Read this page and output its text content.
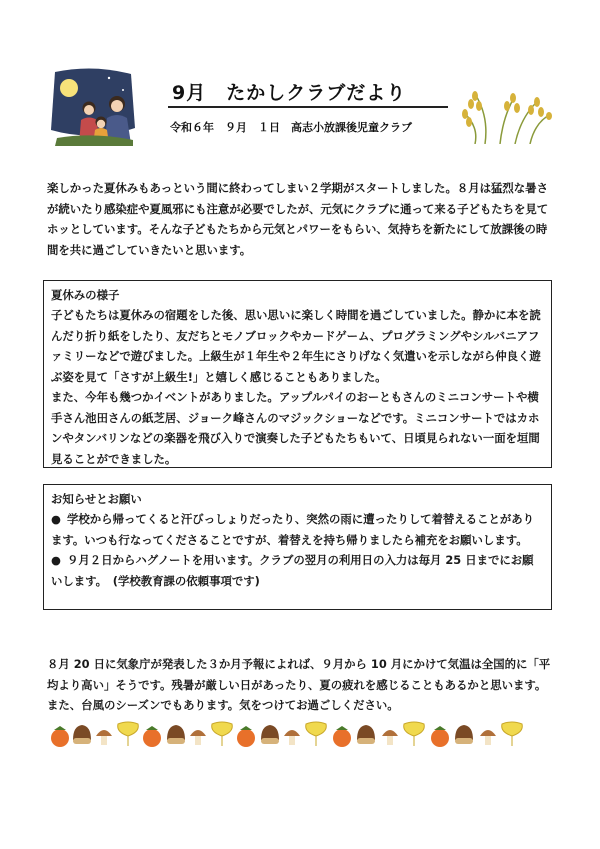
9月　たかしクラブだより
令和６年　９月　１日　高志小放課後児童クラブ
楽しかった夏休みもあっという間に終わってしまい２学期がスタートしました。８月は猛烈な暑さが続いたり感染症や夏風邪にも注意が必要でしたが、元気にクラブに通って来る子どもたちを見てホッとしています。そんな子どもたちから元気とパワーをもらい、気持ちを新たにして放課後の時間を共に過ごしていきたいと思います。
夏休みの様子
子どもたちは夏休みの宿題をした後、思い思いに楽しく時間を過ごしていました。静かに本を読んだり折り紙をしたり、友だちとモノブロックやカードゲーム、プログラミングやシルバニアファミリーなどで遊びました。上級生が１年生や２年生にさりげなく気遣いを示しながら仲良く遊ぶ姿を見て「さすが上級生!」と嬉しく感じることもありました。
また、今年も幾つかイベントがありました。アップルパイのおーともさんのミニコンサートや横手さん池田さんの紙芝居、ジョーク峰さんのマジックショーなどです。ミニコンサートではカホンやタンバリンなどの楽器を飛び入りで演奏した子どもたちもいて、日頃見られない一面を垣間見ることができました。
お知らせとお願い
● 学校から帰ってくると汗びっしょりだったり、突然の雨に遭ったりして着替えることがあります。いつも行なってくださることですが、着替えを持ち帰りましたら補充をお願いします。
● ９月２日からハグノートを用います。クラブの翌月の利用日の入力は毎月 25 日までにお願いします。　(学校教育課の依頼事項です)
８月 20 日に気象庁が発表した３か月予報によれば、９月から 10 月にかけて気温は全国的に「平均より高い」そうです。残暑が厳しい日があったり、夏の疲れを感じることもあるかと思います。また、台風のシーズンでもあります。気をつけてお過ごしください。
